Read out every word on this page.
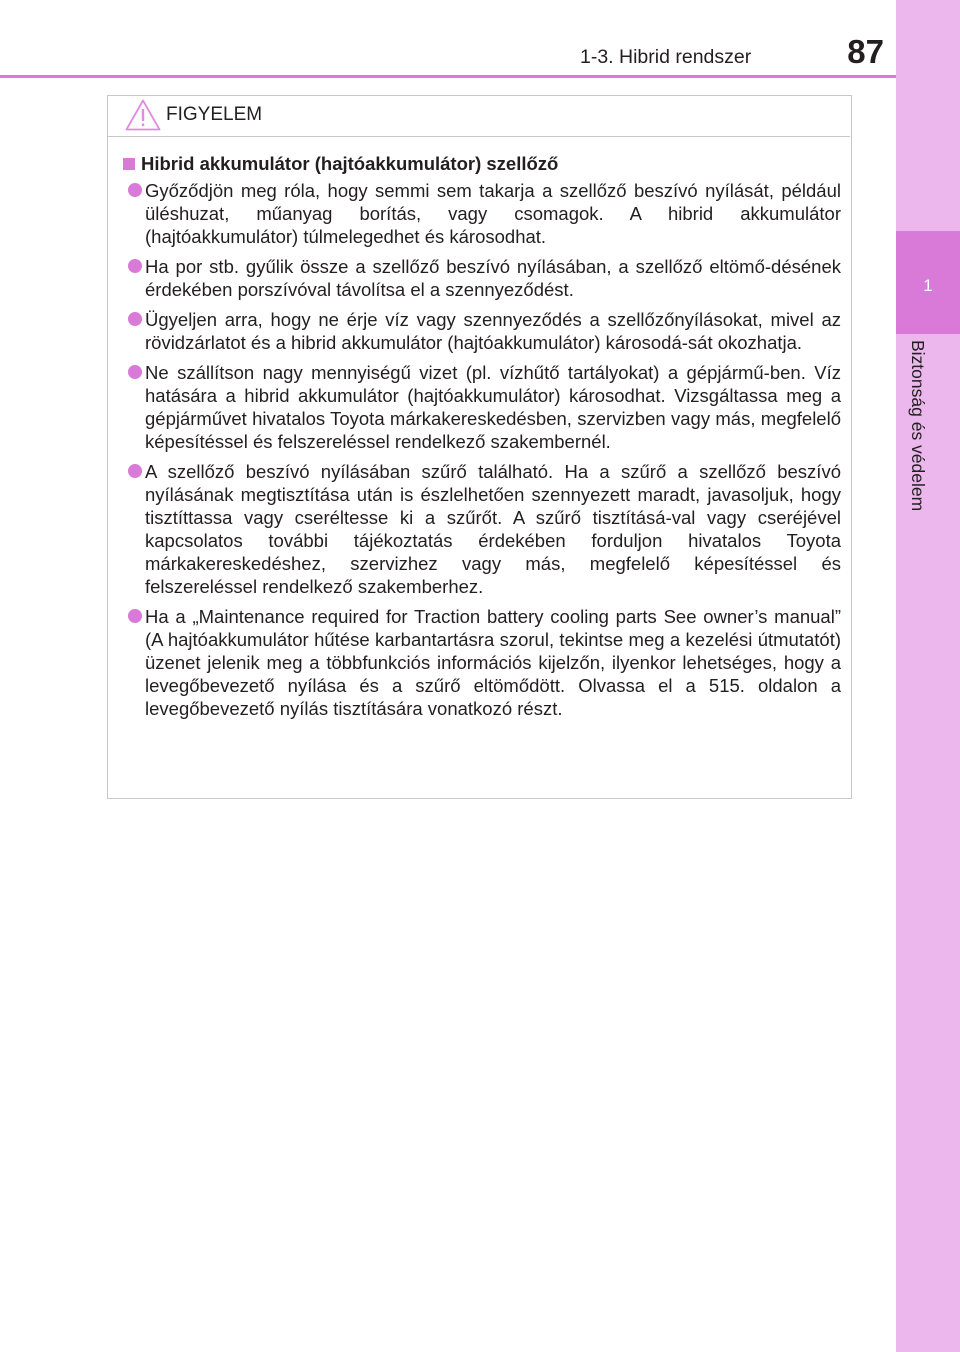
1-3. Hibrid rendszer	87
1
Biztonság és védelem
FIGYELEM
Hibrid akkumulátor (hajtóakkumulátor) szellőző
Győződjön meg róla, hogy semmi sem takarja a szellőző beszívó nyílását, például üléshuzat, műanyag borítás, vagy csomagok. A hibrid akkumulátor (hajtóakkumulátor) túlmelegedhet és károsodhat.
Ha por stb. gyűlik össze a szellőző beszívó nyílásában, a szellőző eltömő-désének érdekében porszívóval távolítsa el a szennyeződést.
Ügyeljen arra, hogy ne érje víz vagy szennyeződés a szellőzőnyílásokat, mivel az rövidzárlatot és a hibrid akkumulátor (hajtóakkumulátor) károsodá-sát okozhatja.
Ne szállítson nagy mennyiségű vizet (pl. vízhűtő tartályokat) a gépjármű-ben. Víz hatására a hibrid akkumulátor (hajtóakkumulátor) károsodhat. Vizsgáltassa meg a gépjárművet hivatalos Toyota márkakereskedésben, szervizben vagy más, megfelelő képesítéssel és felszereléssel rendelkező szakembernél.
A szellőző beszívó nyílásában szűrő található. Ha a szűrő a szellőző beszívó nyílásának megtisztítása után is észlelhetően szennyezett maradt, javasoljuk, hogy tisztíttassa vagy cseréltesse ki a szűrőt. A szűrő tisztításá-val vagy cseréjével kapcsolatos további tájékoztatás érdekében forduljon hivatalos Toyota márkakereskedéshez, szervizhez vagy más, megfelelő képesítéssel és felszereléssel rendelkező szakemberhez.
Ha a „Maintenance required for Traction battery cooling parts See owner’s manual” (A hajtóakkumulátor hűtése karbantartásra szorul, tekintse meg a kezelési útmutatót) üzenet jelenik meg a többfunkciós információs kijelzőn, ilyenkor lehetséges, hogy a levegőbevezető nyílása és a szűrő eltömődött. Olvassa el a 515. oldalon a levegőbevezető nyílás tisztítására vonatkozó részt.
